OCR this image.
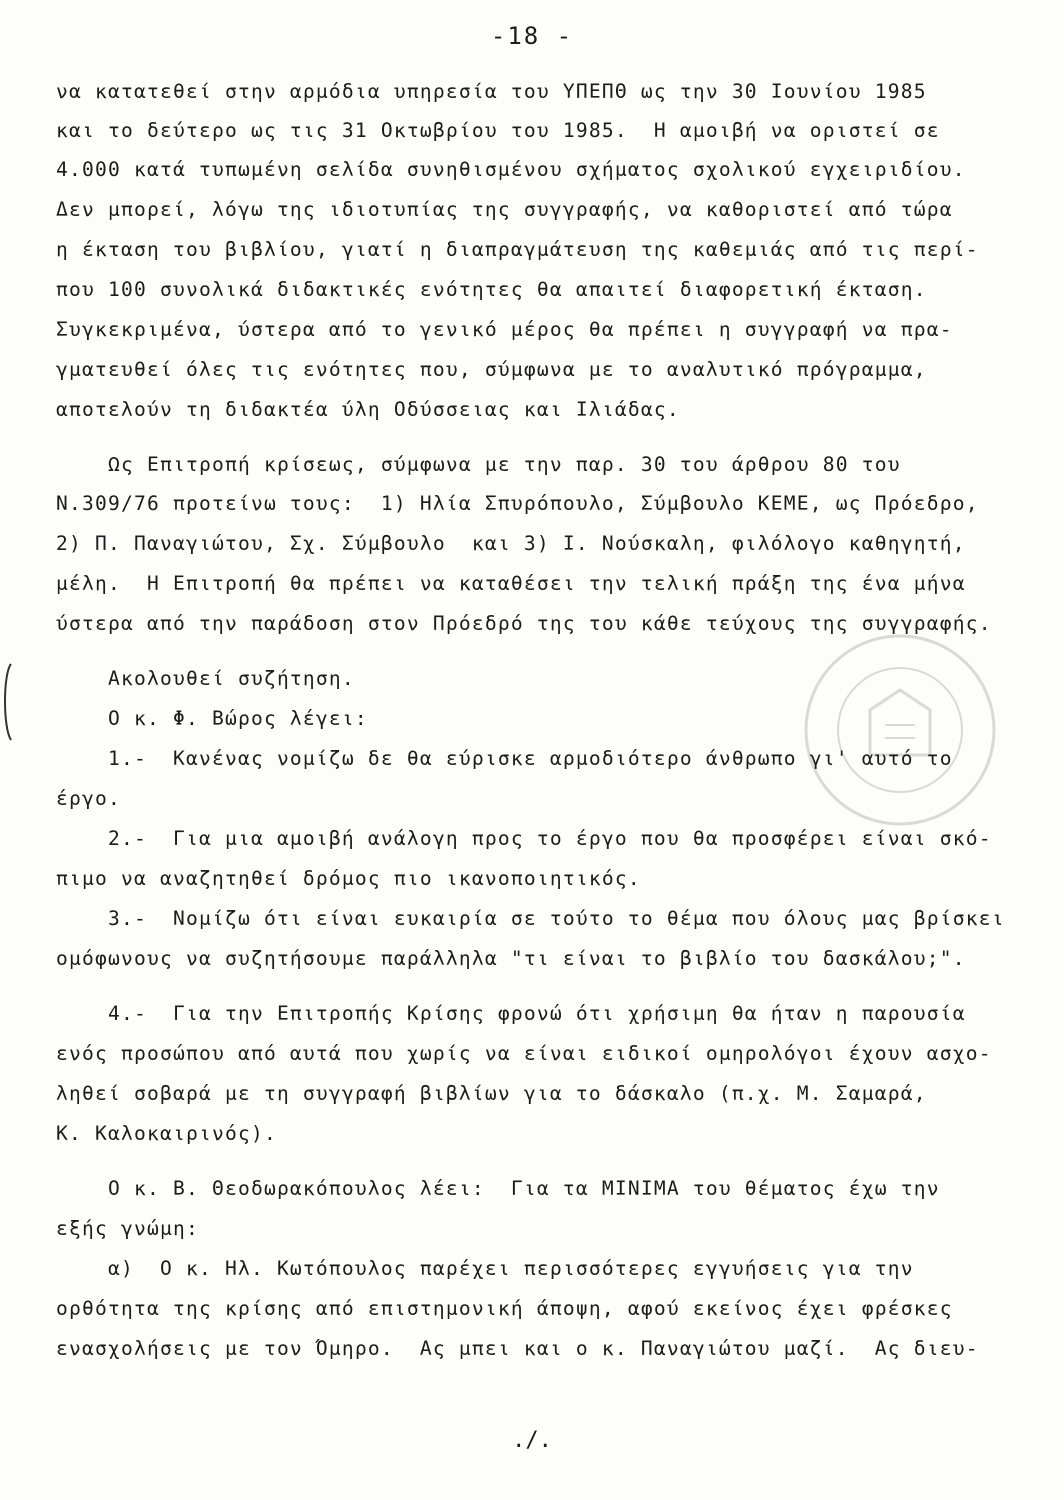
-18 -
να κατατεθεί στην αρμόδια υπηρεσία του ΥΠΕΠΘ ως την 30 Ιουνίου 1985
και το δεύτερο ως τις 31 Οκτωβρίου του 1985.  Η αμοιβή να οριστεί σε
4.000 κατά τυπωμένη σελίδα συνηθισμένου σχήματος σχολικού εγχειριδίου.
Δεν μπορεί, λόγω της ιδιοτυπίας της συγγραφής, να καθοριστεί από τώρα
η έκταση του βιβλίου, γιατί η διαπραγμάτευση της καθεμιάς από τις περί-
που 100 συνολικά διδακτικές ενότητες θα απαιτεί διαφορετική έκταση.
Συγκεκριμένα, ύστερα από το γενικό μέρος θα πρέπει η συγγραφή να πρα-
γματευθεί όλες τις ενότητες που, σύμφωνα με το αναλυτικό πρόγραμμα,
αποτελούν τη διδακτέα ύλη Οδύσσειας και Ιλιάδας.
Ως Επιτροπή κρίσεως, σύμφωνα με την παρ. 30 του άρθρου 80 του
Ν.309/76 προτείνω τους:  1) Ηλία Σπυρόπουλο, Σύμβουλο ΚΕΜΕ, ως Πρόεδρο,
2) Π. Παναγιώτου, Σχ. Σύμβουλο  και 3) Ι. Νούσκαλη, φιλόλογο καθηγητή,
μέλη.  Η Επιτροπή θα πρέπει να καταθέσει την τελική πράξη της ένα μήνα
ύστερα από την παράδοση στον Πρόεδρό της του κάθε τεύχους της συγγραφής.
Ακολουθεί συζήτηση.
Ο κ. Φ. Βώρος λέγει:
1.-  Κανένας νομίζω δε θα εύρισκε αρμοδιότερο άνθρωπο γι' αυτό το
έργο.
2.-  Για μια αμοιβή ανάλογη προς το έργο που θα προσφέρει είναι σκό-
πιμο να αναζητηθεί δρόμος πιο ικανοποιητικός.
3.-  Νομίζω ότι είναι ευκαιρία σε τούτο το θέμα που όλους μας βρίσκει
ομόφωνους να συζητήσουμε παράλληλα "τι είναι το βιβλίο του δασκάλου;".
4.-  Για την Επιτροπής Κρίσης φρονώ ότι χρήσιμη θα ήταν η παρουσία
ενός προσώπου από αυτά που χωρίς να είναι ειδικοί ομηρολόγοι έχουν ασχο-
ληθεί σοβαρά με τη συγγραφή βιβλίων για το δάσκαλο (π.χ. Μ. Σαμαρά,
Κ. Καλοκαιρινός).
Ο κ. Β. Θεοδωρακόπουλος λέει:  Για τα ΜΙΝΙΜΑ του θέματος έχω την
εξής γνώμη:
α)  Ο κ. Ηλ. Κωτόπουλος παρέχει περισσότερες εγγυήσεις για την
ορθότητα της κρίσης από επιστημονική άποψη, αφού εκείνος έχει φρέσκες
ενασχολήσεις με τον Όμηρο.  Ας μπει και ο κ. Παναγιώτου μαζί.  Ας διευ-
./.
